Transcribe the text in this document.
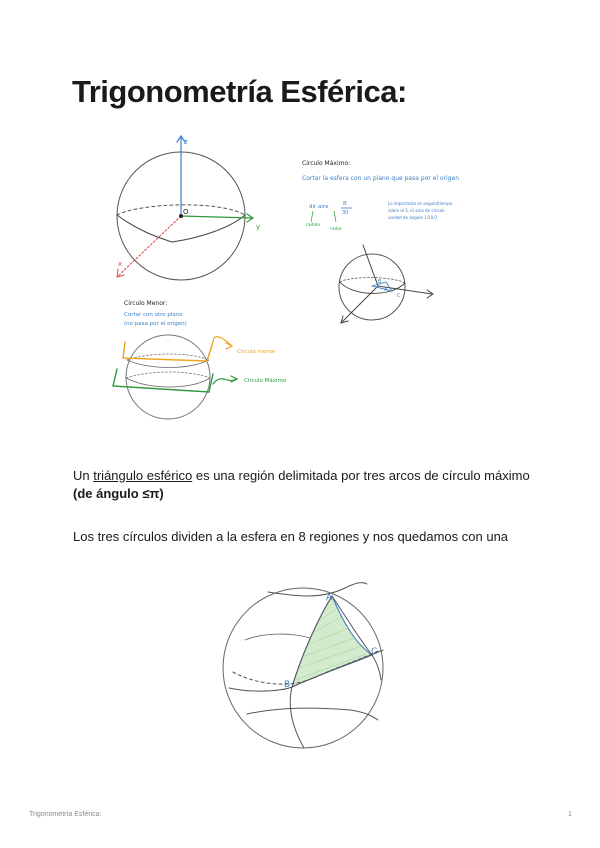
Trigonometría Esférica:
z
y
x
O
Circulo Máximo:
Cortar la esfera con un plano que pasa por el origen
dir aire π
30
radián
radio
Lo importante es angulo/tiempo
sobre el S. el arco de círculo
unidad de ángulo 1/10,0
B
A
C
Circulo Menor:
Cortar con otro plano
(no pasa por el origen)
Circulo menor
Circulo Máximo
A
B
C

Un triángulo esférico es una región delimitada por tres arcos de círculo máximo
(de ángulo ≤π)

Los tres círculos dividen a la esfera en 8 regiones y nos quedamos con una

Trigonometría Esférica:	1
